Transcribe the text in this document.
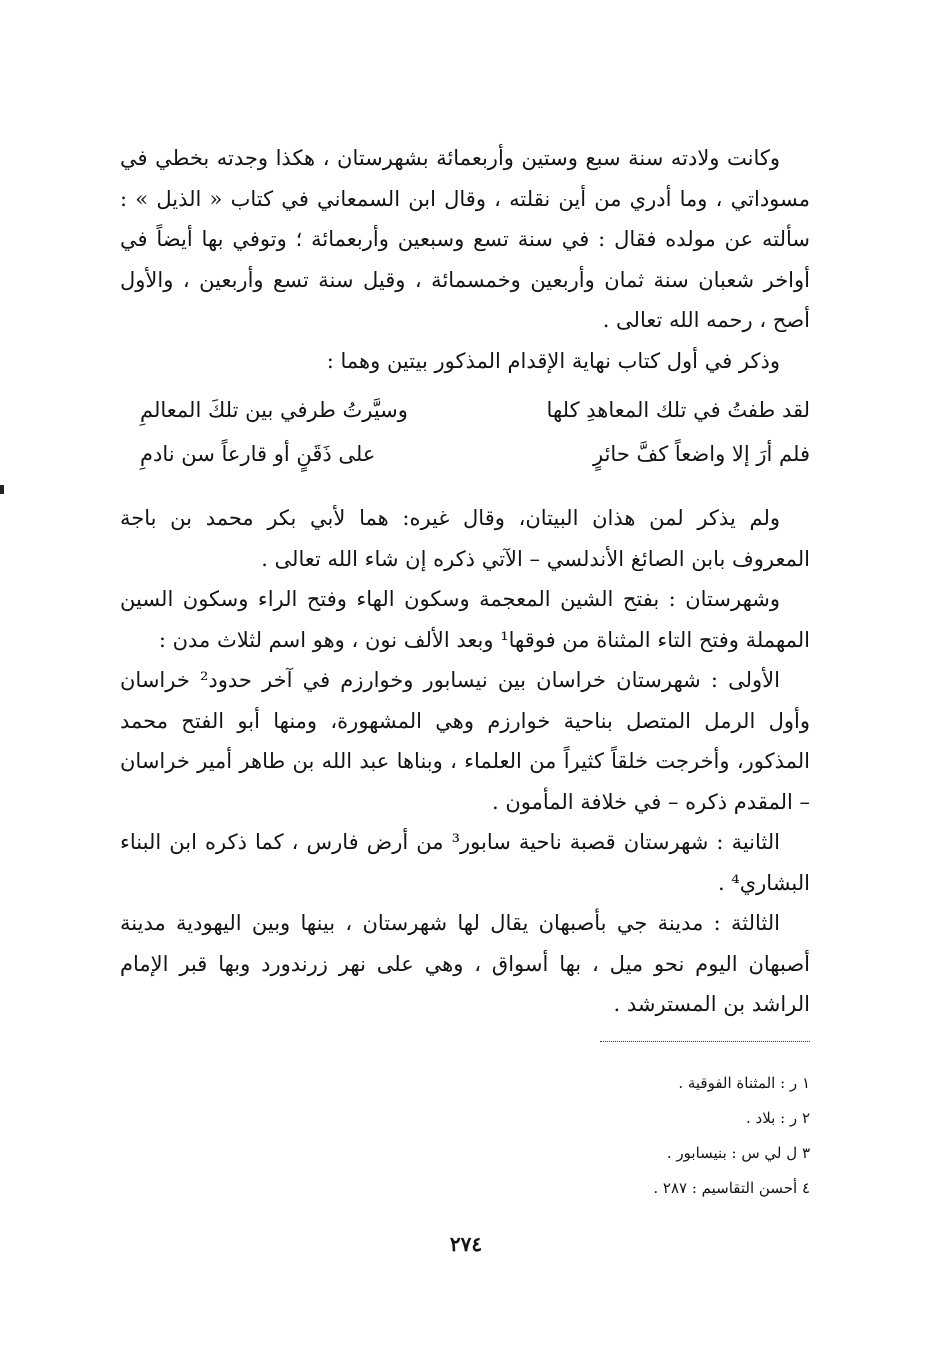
وكانت ولادته سنة سبع وستين وأربعمائة بشهرستان ، هكذا وجدته بخطي في مسوداتي ، وما أدري من أين نقلته ، وقال ابن السمعاني في كتاب « الذيل » : سألته عن مولده فقال : في سنة تسع وسبعين وأربعمائة ؛ وتوفي بها أيضاً في أواخر شعبان سنة ثمان وأربعين وخمسمائة ، وقيل سنة تسع وأربعين ، والأول أصح ، رحمه الله تعالى .

وذكر في أول كتاب نهاية الإقدام المذكور بيتين وهما :

لقد طفتُ في تلك المعاهدِ كلها
وسيَّرتُ طرفي بين تلكَ المعالمِ
فلم أرَ إلا واضعاً كفَّ حائرٍ
على ذَقَنٍ أو قارعاً سن نادمِ

ولم يذكر لمن هذان البيتان، وقال غيره: هما لأبي بكر محمد بن باجة المعروف بابن الصائغ الأندلسي – الآتي ذكره إن شاء الله تعالى .

وشهرستان : بفتح الشين المعجمة وسكون الهاء وفتح الراء وسكون السين المهملة وفتح التاء المثناة من فوقها¹ وبعد الألف نون ، وهو اسم لثلاث مدن :

الأولى : شهرستان خراسان بين نيسابور وخوارزم في آخر حدود² خراسان وأول الرمل المتصل بناحية خوارزم وهي المشهورة، ومنها أبو الفتح محمد المذكور، وأخرجت خلقاً كثيراً من العلماء ، وبناها عبد الله بن طاهر أمير خراسان – المقدم ذكره – في خلافة المأمون .

الثانية : شهرستان قصبة ناحية سابور³ من أرض فارس ، كما ذكره ابن البناء البشاري⁴ .

الثالثة : مدينة جي بأصبهان يقال لها شهرستان ، بينها وبين اليهودية مدينة أصبهان اليوم نحو ميل ، بها أسواق ، وهي على نهر زرندورد وبها قبر الإمام الراشد بن المسترشد .

١ ر : المثناة الفوقية .
٢ ر : بلاد .
٣ ل لي س : بنيسابور .
٤ أحسن التقاسيم : ٢٨٧ .
٢٧٤
